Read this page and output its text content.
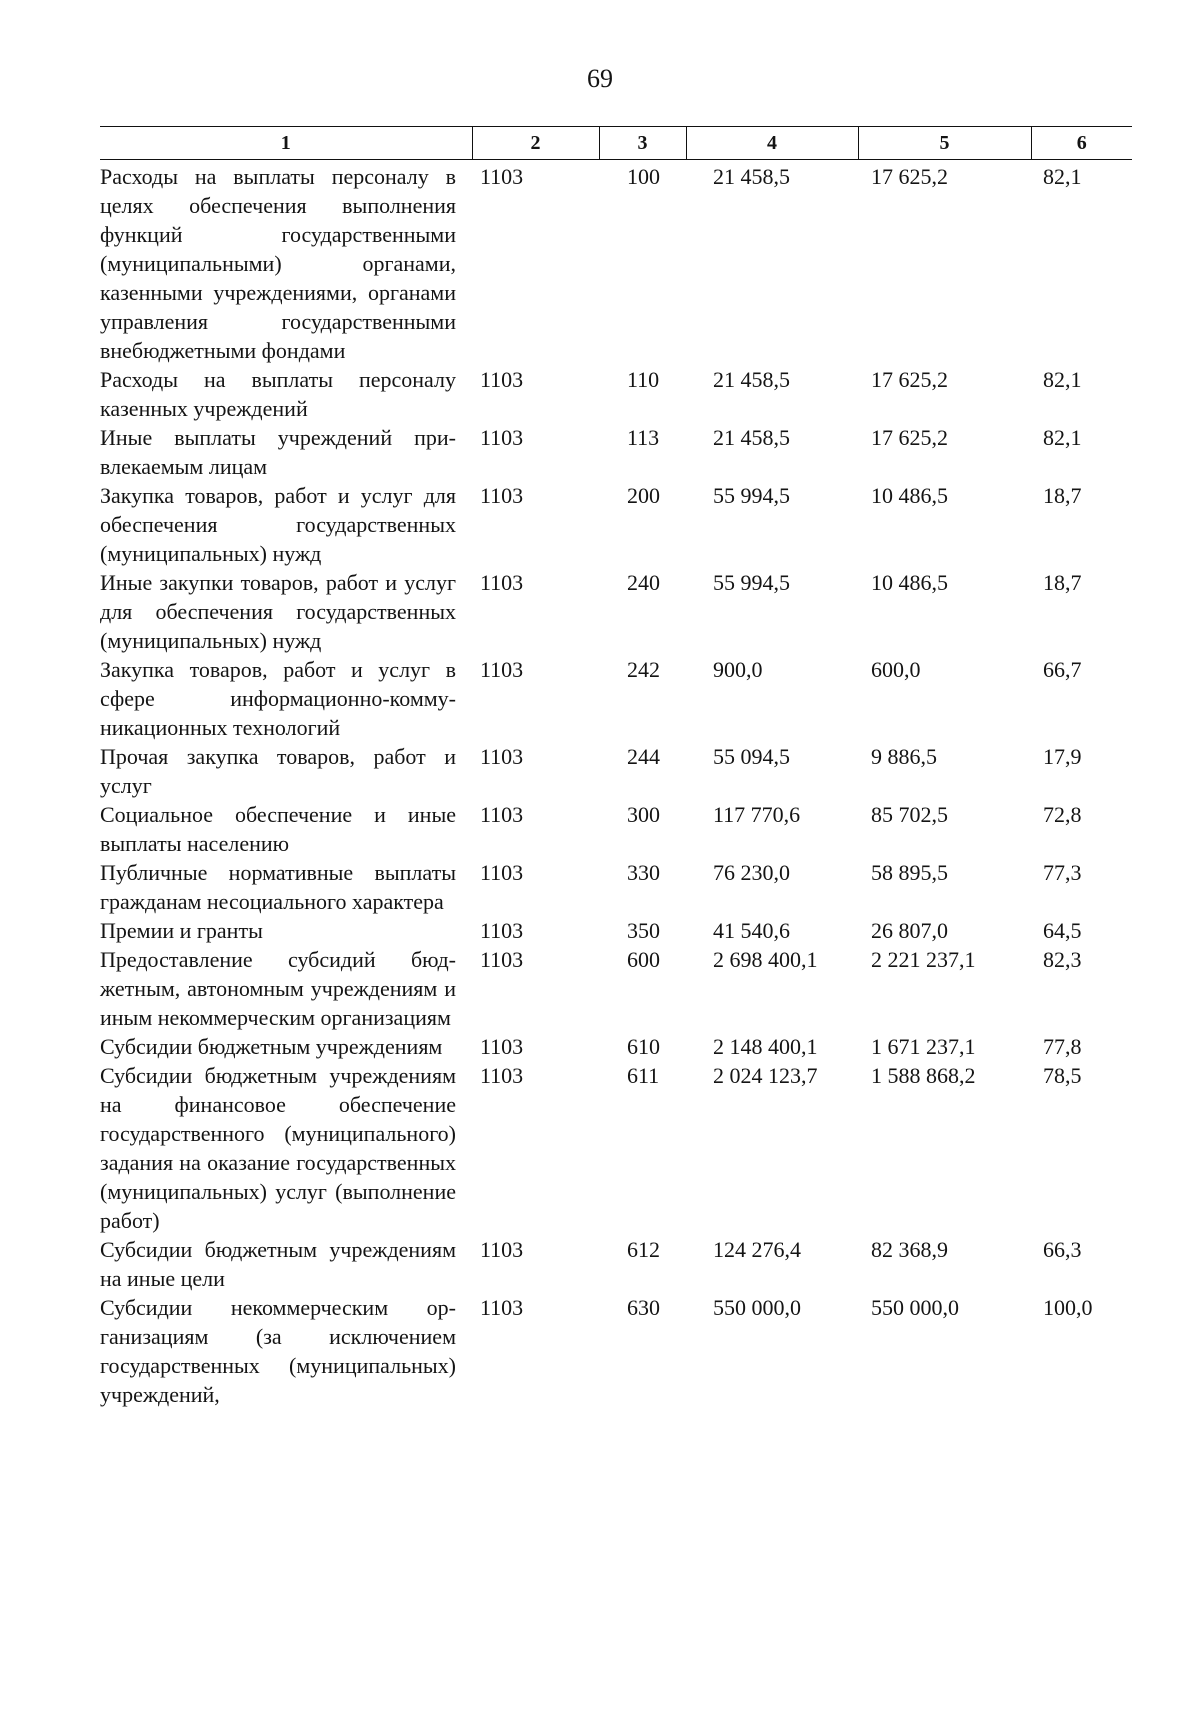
69
1	2	3	4	5	6
Расходы на выплаты персоналу в целях обеспечения выполнения функций государственными (муниципальными) органами, казенными учреждениями, органами управления государственными внебюджетными фондами	1103	100	21 458,5	17 625,2	82,1
Расходы на выплаты персоналу казенных учреждений	1103	110	21 458,5	17 625,2	82,1
Иные выплаты учреждений привлекаемым лицам	1103	113	21 458,5	17 625,2	82,1
Закупка товаров, работ и услуг для обеспечения государственных (муниципальных) нужд	1103	200	55 994,5	10 486,5	18,7
Иные закупки товаров, работ и услуг для обеспечения государственных (муниципальных) нужд	1103	240	55 994,5	10 486,5	18,7
Закупка товаров, работ и услуг в сфере информационно-коммуникационных технологий	1103	242	900,0	600,0	66,7
Прочая закупка товаров, работ и услуг	1103	244	55 094,5	9 886,5	17,9
Социальное обеспечение и иные выплаты населению	1103	300	117 770,6	85 702,5	72,8
Публичные нормативные выплаты гражданам несоциального характера	1103	330	76 230,0	58 895,5	77,3
Премии и гранты	1103	350	41 540,6	26 807,0	64,5
Предоставление субсидий бюджетным, автономным учреждениям и иным некоммерческим организациям	1103	600	2 698 400,1	2 221 237,1	82,3
Субсидии бюджетным учреждениям	1103	610	2 148 400,1	1 671 237,1	77,8
Субсидии бюджетным учреждениям на финансовое обеспечение государственного (муниципального) задания на оказание государственных (муниципальных) услуг (выполнение работ)	1103	611	2 024 123,7	1 588 868,2	78,5
Субсидии бюджетным учреждениям на иные цели	1103	612	124 276,4	82 368,9	66,3
Субсидии некоммерческим организациям (за исключением государственных (муниципальных) учреждений,	1103	630	550 000,0	550 000,0	100,0
